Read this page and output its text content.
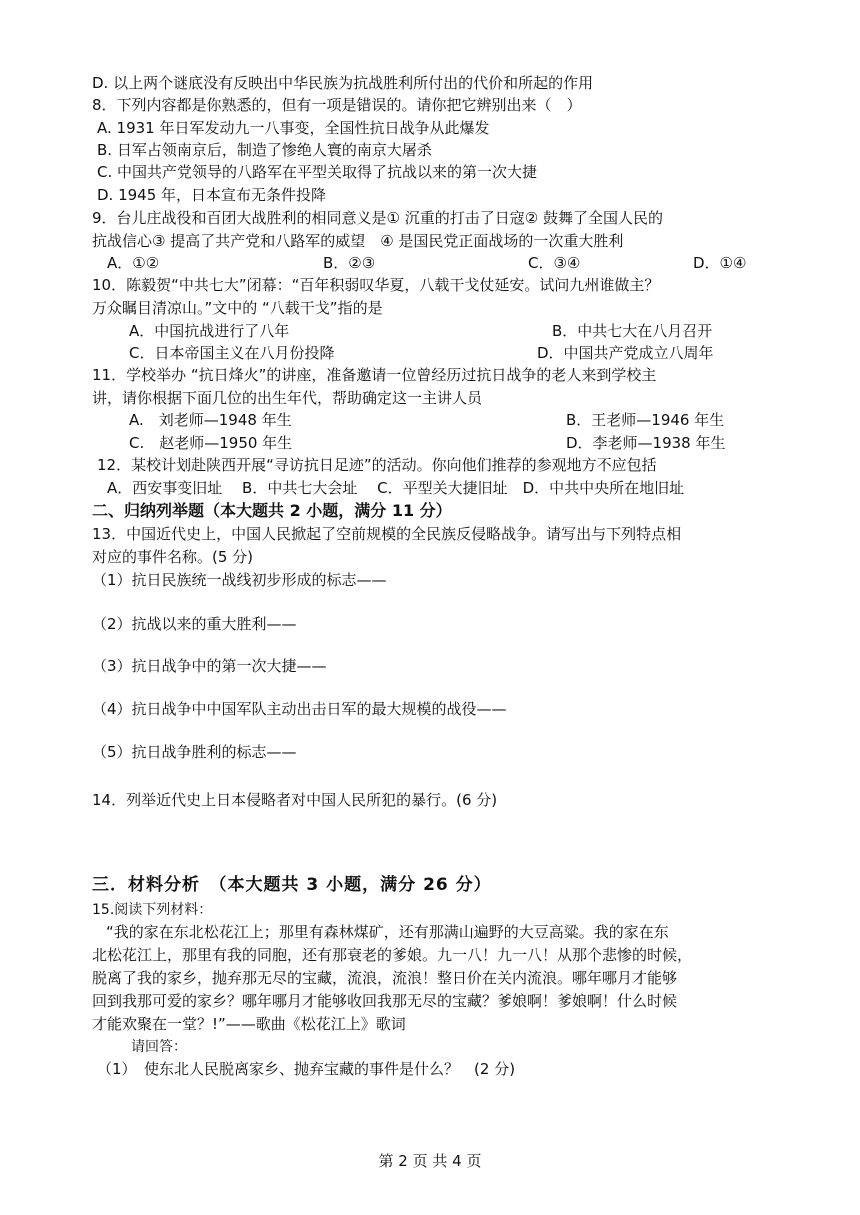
D. 以上两个谜底没有反映出中华民族为抗战胜利所付出的代价和所起的作用
8．下列内容都是你熟悉的，但有一项是错误的。请你把它辨别出来（　）
A. 1931 年日军发动九一八事变，全国性抗日战争从此爆发
B. 日军占领南京后，制造了惨绝人寰的南京大屠杀
C. 中国共产党领导的八路军在平型关取得了抗战以来的第一次大捷
D. 1945 年，日本宣布无条件投降
9．台儿庄战役和百团大战胜利的相同意义是① 沉重的打击了日寇② 鼓舞了全国人民的
抗战信心③ 提高了共产党和八路军的威望　④ 是国民党正面战场的一次重大胜利
A．①②	B．②③	C．③④	D．①④
10．陈毅贺“中共七大”闭幕：“百年积弱叹华夏，八载干戈仗延安。试问九州谁做主？
万众瞩目清凉山。”文中的 “八载干戈”指的是
A．中国抗战进行了八年	B．中共七大在八月召开
C．日本帝国主义在八月份投降	D．中国共产党成立八周年
11．学校举办 “抗日烽火”的讲座，准备邀请一位曾经历过抗日战争的老人来到学校主
讲，请你根据下面几位的出生年代，帮助确定这一主讲人员
A.　刘老师—1948 年生	B．王老师—1946 年生
C.　赵老师—1950 年生	D．李老师—1938 年生
12．某校计划赴陕西开展“寻访抗日足迹”的活动。你向他们推荐的参观地方不应包括
A．西安事变旧址　 B．中共七大会址　 C．平型关大捷旧址　D．中共中央所在地旧址
二、归纳列举题（本大题共 2 小题，满分 11 分）
13．中国近代史上，中国人民掀起了空前规模的全民族反侵略战争。请写出与下列特点相
对应的事件名称。(5 分)
（1）抗日民族统一战线初步形成的标志——
（2）抗战以来的重大胜利——
（3）抗日战争中的第一次大捷——
（4）抗日战争中中国军队主动出击日军的最大规模的战役——
（5）抗日战争胜利的标志——
14．列举近代史上日本侵略者对中国人民所犯的暴行。(6 分)
三．材料分析　（本大题共 3 小题，满分 26 分）
15.阅读下列材料：
“我的家在东北松花江上；那里有森林煤矿，还有那满山遍野的大豆高粱。我的家在东
北松花江上，那里有我的同胞，还有那衰老的爹娘。九一八！九一八！从那个悲惨的时候，
脱离了我的家乡，抛弃那无尽的宝藏，流浪，流浪！整日价在关内流浪。哪年哪月才能够
回到我那可爱的家乡？哪年哪月才能够收回我那无尽的宝藏？爹娘啊！爹娘啊！什么时候
才能欢聚在一堂？!”——歌曲《松花江上》歌词
请回答：
（1）　使东北人民脱离家乡、抛弃宝藏的事件是什么？　(2 分)
第 2 页 共 4 页
